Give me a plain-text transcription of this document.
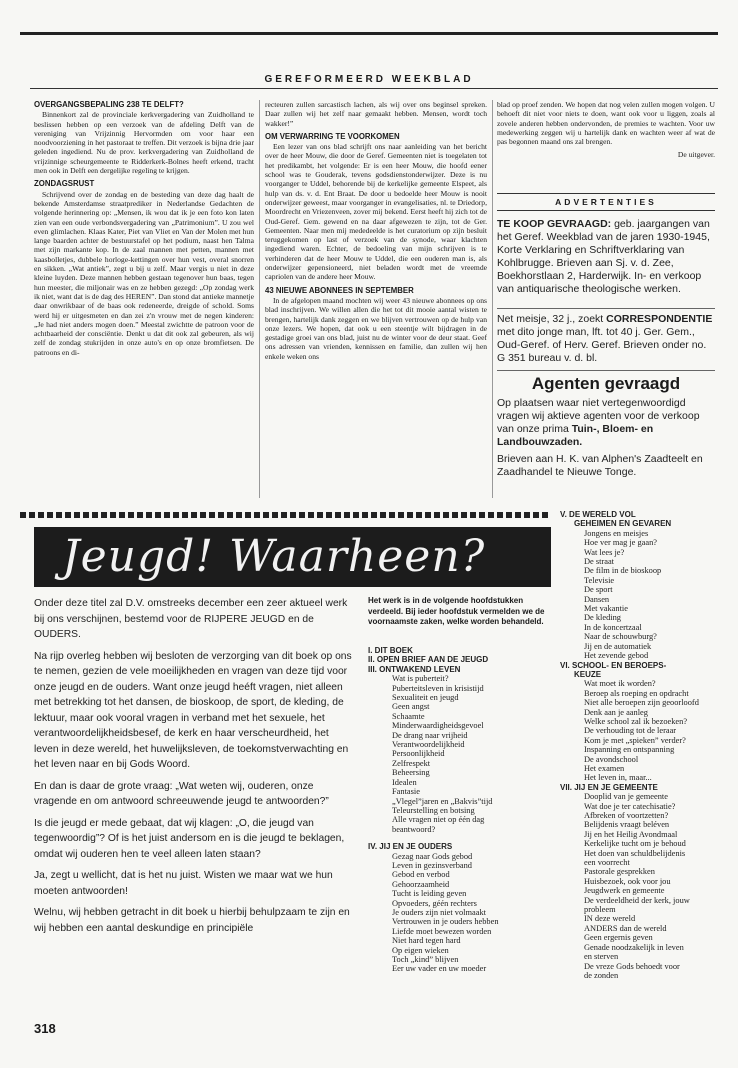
GEREFORMEERD WEEKBLAD
OVERGANGSBEPALING 238 TE DELFT?

Binnenkort zal de provinciale kerkvergadering van Zuidholland te beslissen hebben op een verzoek van de afdeling Delft van de vereniging van Vrijzinnig Hervormden om voor haar een noodvoorziening in het pastoraat te treffen. Dit verzoek is bijna drie jaar geleden ingediend. Nu de prov. kerkvergadering van Zuidholland de vrijzinnige scheurgemeente te Ridderkerk-Bolnes heeft erkend, tracht men ook in Delft een dergelijke regeling te krijgen.

ZONDAGSRUST

Schrijvend over de zondag en de besteding van deze dag haalt de bekende Amsterdamse straatprediker in Nederlandse Gedachten de volgende herinnering op: „Mensen, ik wou dat ik je een foto kon laten zien van een oude verbondsvergadering van „Patrimonium”. U zou wel even glimlachen. Klaas Kater, Piet van Vliet en Van der Molen met hun lange baarden achter de bestuurstafel op het podium, naast hen Talma met zijn markante kop. In de zaal mannen met petten, mannen met kaasbolletjes, dubbele horloge-kettingen over hun vest, overal snorren en sikken. „Wat antiek”, zegt u bij u zelf. Maar vergis u niet in deze kleine luyden. Deze mannen hebben gestaan tegenover hun baas, tegen hun meester, die miljonair was en ze hebben gezegd: „Op zondag werk ik niet, want dat is de dag des HEREN”. Dan stond dat antieke mannetje daar onwrikbaar of de baas ook redeneerde, dreigde of schold. Soms werd hij er uitgesmeten en dan zei z'n vrouw met de negen kinderen: „Je had niet anders mogen doen.” Meestal zwichtte de patroon voor de achtbaarheid der consciëntie. Denkt u dat dit ook zal gebeuren, als wij zelf de zondag stukrijden in onze auto's en op onze bromfietsen. De patroons en di-

recteuren zullen sarcastisch lachen, als wij over ons beginsel spreken. Daar zullen wij het zelf naar gemaakt hebben. Mensen, wordt toch wakker!”

OM VERWARRING TE VOORKOMEN

Een lezer van ons blad schrijft ons naar aanleiding van het bericht over de heer Mouw, die door de Geref. Gemeenten niet is toegelaten tot het predikambt, het volgende: Er is een heer Mouw, die hoofd eener school was te Gouderak, tevens godsdienstonderwijzer. Deze is nu voorganger te Uddel, behorende bij de kerkelijke gemeente Elspeet, als hulp van ds. v. d. Ent Braat. De door u bedoelde heer Mouw is nooit onderwijzer geweest, maar voorganger in evangelisaties, nl. te Driedorp, Moordrecht en Vriezenveen, zover mij bekend. Eerst heeft hij zich tot de Oud-Geref. Gem. gewend en na daar afgewezen te zijn, tot de Ger. Gemeenten. Naar men mij mededeelde is het curatorium op zijn besluit teruggekomen op last of verzoek van de synode, waar klachten ingediend waren. Echter, de bedoeling van mijn schrijven is te verhinderen dat de heer Mouw te Uddel, die een ouderen man is, als onderwijzer gepensioneerd, niet beladen wordt met de vreemde capriolen van de andere heer Mouw.

43 NIEUWE ABONNEES IN SEPTEMBER

In de afgelopen maand mochten wij weer 43 nieuwe abonnees op ons blad inschrijven. We willen allen die het tot dit mooie aantal wisten te brengen, hartelijk dank zeggen en we blijven vertrouwen op de hulp van onze lezers. We hopen, dat ook u een steentje wilt bijdragen in de gestadige groei van ons blad, juist nu de winter voor de deur staat. Geef ons adressen van vrienden, kennissen en familie, dan zullen wij hen enkele weken ons

blad op proef zenden. We hopen dat nog velen zullen mogen volgen. U behoeft dit niet voor niets te doen, want ook voor u liggen, zoals al zovele anderen hebben ondervonden, de premies te wachten. Voor uw medewerking zeggen wij u hartelijk dank en wachten weer af wat de pas begonnen maand ons zal brengen.

De uitgever.
ADVERTENTIES
TE KOOP GEVRAAGD: geb. jaargangen van het Geref. Weekblad van de jaren 1930-1945, Korte Verklaring en Schriftverklaring van Kohlbrugge. Brieven aan Sj. v. d. Zee, Boekhorstlaan 2, Harderwijk. In- en verkoop van antiquarische theologische werken.
Net meisje, 32 j., zoekt CORRESPONDENTIE met dito jonge man, lft. tot 40 j. Ger. Gem., Oud-Geref. of Herv. Geref. Brieven onder no. G 351 bureau v. d. bl.
Agenten gevraagd
Op plaatsen waar niet vertegenwoordigd vragen wij aktieve agenten voor de verkoop van onze prima Tuin-, Bloem- en Landbouwzaden.
Brieven aan H. K. van Alphen's Zaadteelt en Zaadhandel te Nieuwe Tonge.
Jeugd! Waarheen?

Onder deze titel zal D.V. omstreeks december een zeer aktueel werk bij ons verschijnen, bestemd voor de RIJPERE JEUGD en de OUDERS.

Na rijp overleg hebben wij besloten de verzorging van dit boek op ons te nemen, gezien de vele moeilijkheden en vragen van deze tijd voor onze jeugd en de ouders. Want onze jeugd heéft vragen, niet alleen met betrekking tot het dansen, de bioskoop, de sport, de kleding, de lektuur, maar ook vooral vragen in verband met het sexuele, het verantwoordelijkheidsbesef, de kerk en haar verscheurdheid, het leven in deze wereld, het huwelijksleven, de toekomstverwachting en het leven naar en bij Gods Woord.

En dan is daar de grote vraag: „Wat weten wij, ouderen, onze vragende en om antwoord schreeuwende jeugd te antwoorden?”

Is die jeugd er mede gebaat, dat wij klagen: „O, die jeugd van tegenwoordig”? Of is het juist andersom en is die jeugd te beklagen, omdat wij ouderen hen te veel alleen laten staan?

Ja, zegt u wellicht, dat is het nu juist. Wisten we maar wat we hun moeten antwoorden!

Welnu, wij hebben getracht in dit boek u hierbij behulpzaam te zijn en wij hebben een aantal deskundige en principiële

Het werk is in de volgende hoofdstukken verdeeld. Bij ieder hoofdstuk vermelden we de voornaamste zaken, welke worden behandeld.
I. DIT BOEK
II. OPEN BRIEF AAN DE JEUGD
III. ONTWAKEND LEVEN
Wat is puberteit?
Puberteitsleven in krisistijd
Sexualiteit en jeugd
Geen angst
Schaamte
Minderwaardigheidsgevoel
De drang naar vrijheid
Verantwoordelijkheid
Persoonlijkheid
Zelfrespekt
Beheersing
Idealen
Fantasie
„Vlegel”jaren en „Bakvis”tijd
Teleurstelling en botsing
Alle vragen niet op één dag
beantwoord?
IV. JIJ EN JE OUDERS
Gezag naar Gods gebod
Leven in gezinsverband
Gebod en verbod
Gehoorzaamheid
Tucht is leiding geven
Opvoeders, géén rechters
Je ouders zijn niet volmaakt
Vertrouwen in je ouders hebben
Liefde moet bewezen worden
Niet hard tegen hard
Op eigen wieken
Toch „kind” blijven
Eer uw vader en uw moeder
V. DE WERELD VOL
GEHEIMEN EN GEVAREN
Jongens en meisjes
Hoe ver mag je gaan?
Wat lees je?
De straat
De film in de bioskoop
Televisie
De sport
Dansen
Met vakantie
De kleding
In de koncertzaal
Naar de schouwburg?
Jij en de automatiek
Het zevende gebod
VI. SCHOOL- EN BEROEPS-
KEUZE
Wat moet ik worden?
Beroep als roeping en opdracht
Niet alle beroepen zijn geoorloofd
Denk aan je aanleg
Welke school zal ik bezoeken?
De verhouding tot de leraar
Kom je met „spieken” verder?
Inspanning en ontspanning
De avondschool
Het examen
Het leven in, maar...
VII. JIJ EN JE GEMEENTE
Dooplid van je gemeente
Wat doe je ter catechisatie?
Afbreken of voortzetten?
Belijdenis vraagt beléven
Jij en het Heilig Avondmaal
Kerkelijke tucht om je behoud
Het doen van schuldbelijdenis
een voorrecht
Pastorale gesprekken
Huisbezoek, ook voor jou
Jeugdwerk en gemeente
De verdeeldheid der kerk, jouw
probleem
IN deze wereld
ANDERS dan de wereld
Geen ergernis geven
Genade noodzakelijk in leven
en sterven
De vreze Gods behoedt voor
de zonden
318
